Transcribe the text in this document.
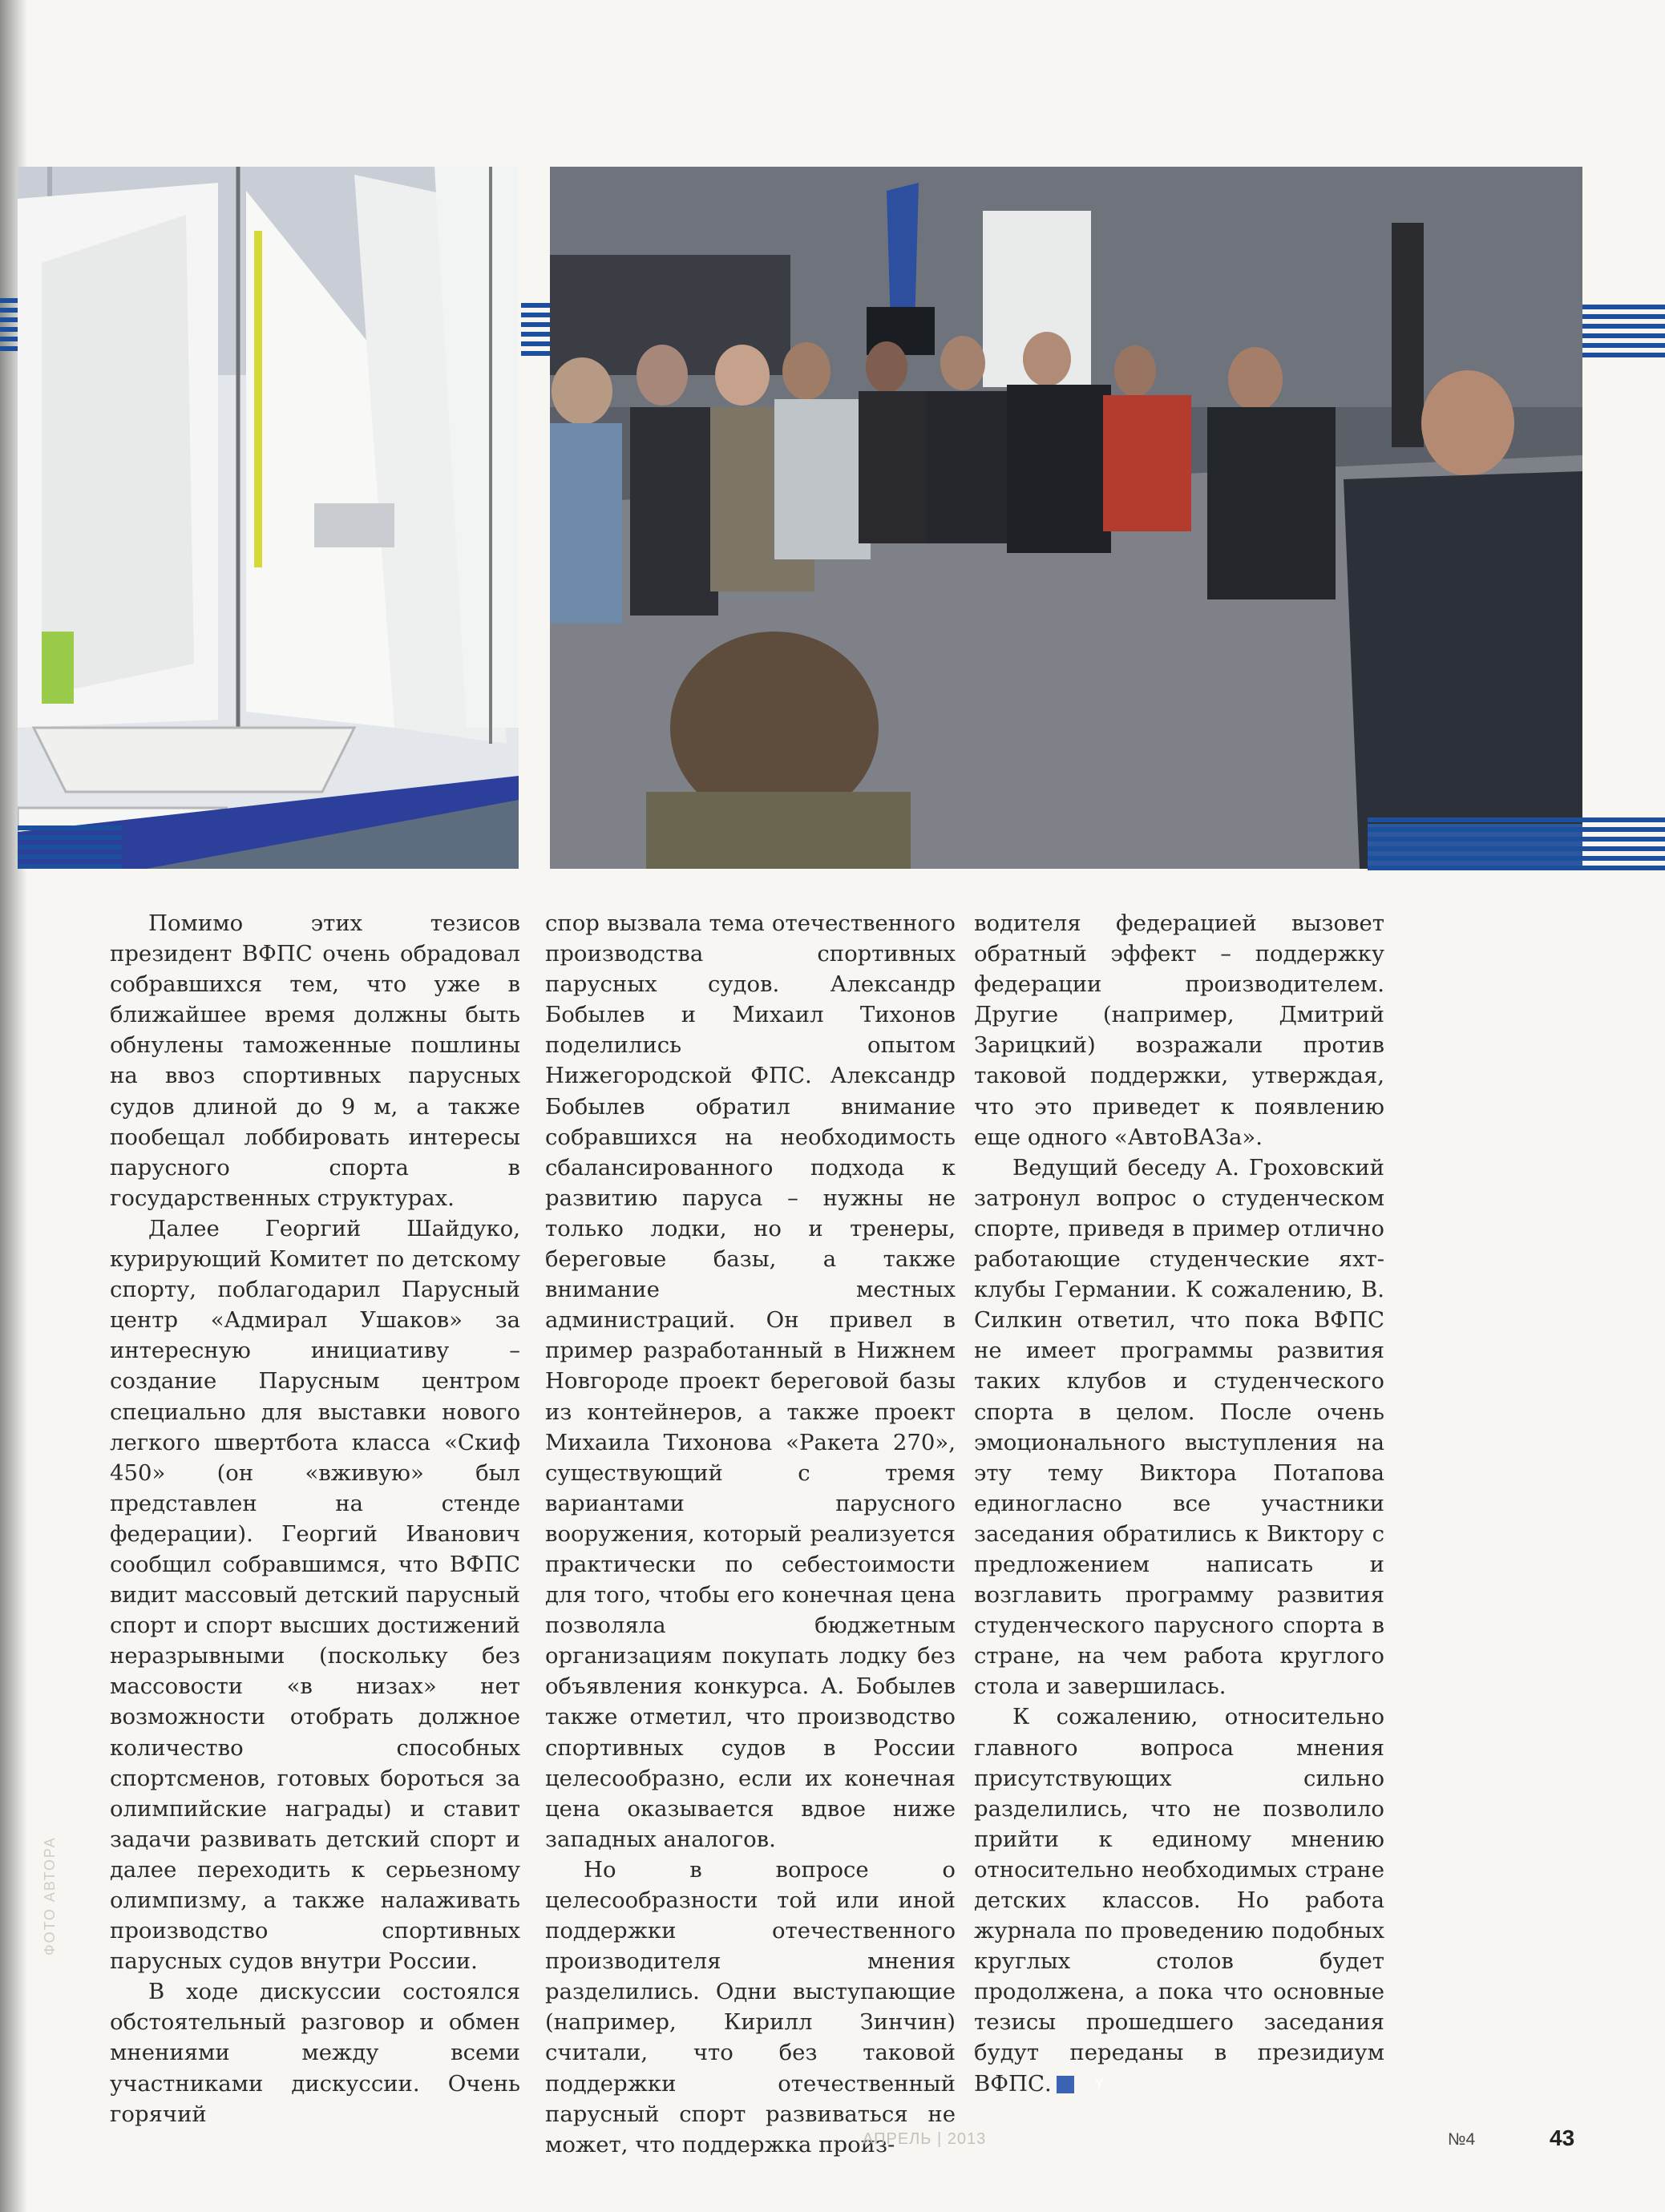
Помимо этих тезисов президент ВФПС очень обрадовал собравшихся тем, что уже в ближайшее время должны быть обнулены таможенные пошлины на ввоз спортивных парусных судов длиной до 9 м, а также пообещал лоббировать интересы парусного спорта в государственных структурах.

Далее Георгий Шайдуко, курирующий Комитет по детскому спорту, поблагодарил Парусный центр «Адмирал Ушаков» за интересную инициативу – создание Парусным центром специально для выставки нового легкого швертбота класса «Скиф 450» (он «вживую» был представлен на стенде федерации). Георгий Иванович сообщил собравшимся, что ВФПС видит массовый детский парусный спорт и спорт высших достижений неразрывными (поскольку без массовости «в низах» нет возможности отобрать должное количество способных спортсменов, готовых бороться за олимпийские награды) и ставит задачи развивать детский спорт и далее переходить к серьезному олимпизму, а также налаживать производство спортивных парусных судов внутри России.

В ходе дискуссии состоялся обстоятельный разговор и обмен мнениями между всеми участниками дискуссии. Очень горячий

спор вызвала тема отечественного производства спортивных парусных судов. Александр Бобылев и Михаил Тихонов поделились опытом Нижегородской ФПС. Александр Бобылев обратил внимание собравшихся на необходимость сбалансированного подхода к развитию паруса – нужны не только лодки, но и тренеры, береговые базы, а также внимание местных администраций. Он привел в пример разработанный в Нижнем Новгороде проект береговой базы из контейнеров, а также проект Михаила Тихонова «Ракета 270», существующий с тремя вариантами парусного вооружения, который реализуется практически по себестоимости для того, чтобы его конечная цена позволяла бюджетным организациям покупать лодку без объявления конкурса. А. Бобылев также отметил, что производство спортивных судов в России целесообразно, если их конечная цена оказывается вдвое ниже западных аналогов.

Но в вопросе о целесообразности той или иной поддержки отечественного производителя мнения разделились. Одни выступающие (например, Кирилл Зинчин) считали, что без таковой поддержки отечественный парусный спорт развиваться не может, что поддержка произ-

водителя федерацией вызовет обратный эффект – поддержку федерации производителем. Другие (например, Дмитрий Зарицкий) возражали против таковой поддержки, утверждая, что это приведет к появлению еще одного «АвтоВАЗа».

Ведущий беседу А. Гроховский затронул вопрос о студенческом спорте, приведя в пример отлично работающие студенческие яхт-клубы Германии. К сожалению, В. Силкин ответил, что пока ВФПС не имеет программы развития таких клубов и студенческого спорта в целом. После очень эмоционального выступления на эту тему Виктора Потапова единогласно все участники заседания обратились к Виктору с предложением написать и возглавить программу развития студенческого парусного спорта в стране, на чем работа круглого стола и завершилась.

К сожалению, относительно главного вопроса мнения присутствующих сильно разделились, что не позволило прийти к единому мнению относительно необходимых стране детских классов. Но работа журнала по проведению подобных круглых столов будет продолжена, а пока что основные тезисы прошедшего заседания будут переданы в президиум ВФПС.	Y

ФОТО АВТОРА
АПРЕЛЬ | 2013	№4	43
